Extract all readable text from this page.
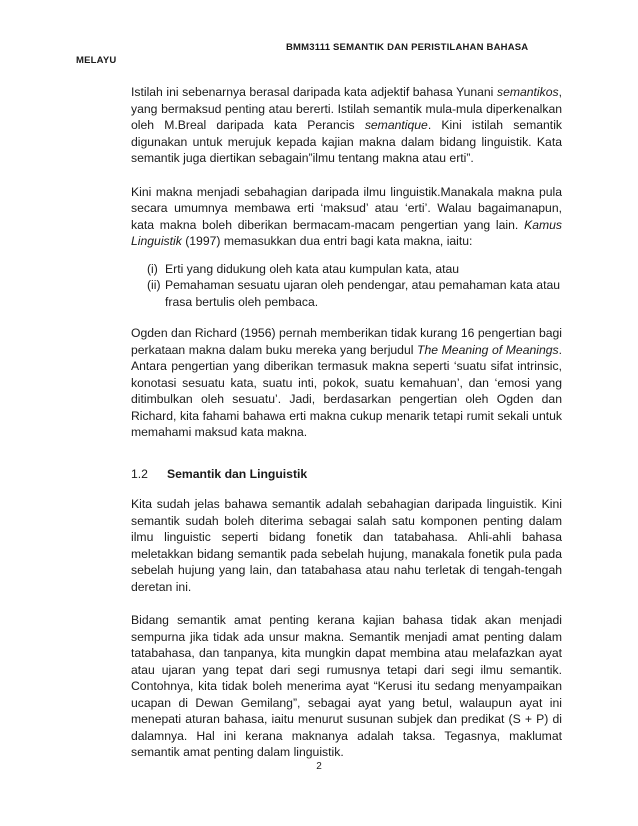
BMM3111 SEMANTIK DAN PERISTILAHAN BAHASA
MELAYU

Istilah ini sebenarnya berasal daripada kata adjektif bahasa Yunani semantikos, yang bermaksud penting atau bererti. Istilah semantik mula-mula diperkenalkan oleh M.Breal daripada kata Perancis semantique. Kini istilah semantik digunakan untuk merujuk kepada kajian makna dalam bidang linguistik. Kata semantik juga diertikan sebagain”ilmu tentang makna atau erti”.

Kini makna menjadi sebahagian daripada ilmu linguistik.Manakala makna pula secara umumnya membawa erti ‘maksud’ atau ‘erti’. Walau bagaimanapun, kata makna boleh diberikan bermacam-macam pengertian yang lain. Kamus Linguistik (1997) memasukkan dua entri bagi kata makna, iaitu:

(i) Erti yang didukung oleh kata atau kumpulan kata, atau

(ii) Pemahaman sesuatu ujaran oleh pendengar, atau pemahaman kata atau frasa bertulis oleh pembaca.

Ogden dan Richard (1956) pernah memberikan tidak kurang 16 pengertian bagi perkataan makna dalam buku mereka yang berjudul The Meaning of Meanings. Antara pengertian yang diberikan termasuk makna seperti ‘suatu sifat intrinsic, konotasi sesuatu kata, suatu inti, pokok, suatu kemahuan’, dan ‘emosi yang ditimbulkan oleh sesuatu’. Jadi, berdasarkan pengertian oleh Ogden dan Richard, kita fahami bahawa erti makna cukup menarik tetapi rumit sekali untuk memahami maksud kata makna.

1.2 Semantik dan Linguistik

Kita sudah jelas bahawa semantik adalah sebahagian daripada linguistik. Kini semantik sudah boleh diterima sebagai salah satu komponen penting dalam ilmu linguistic seperti bidang fonetik dan tatabahasa. Ahli-ahli bahasa meletakkan bidang semantik pada sebelah hujung, manakala fonetik pula pada sebelah hujung yang lain, dan tatabahasa atau nahu terletak di tengah-tengah deretan ini.

Bidang semantik amat penting kerana kajian bahasa tidak akan menjadi sempurna jika tidak ada unsur makna. Semantik menjadi amat penting dalam tatabahasa, dan tanpanya, kita mungkin dapat membina atau melafazkan ayat atau ujaran yang tepat dari segi rumusnya tetapi dari segi ilmu semantik. Contohnya, kita tidak boleh menerima ayat “Kerusi itu sedang menyampaikan ucapan di Dewan Gemilang”, sebagai ayat yang betul, walaupun ayat ini menepati aturan bahasa, iaitu menurut susunan subjek dan predikat (S + P) di dalamnya. Hal ini kerana maknanya adalah taksa. Tegasnya, maklumat semantik amat penting dalam linguistik.

2
